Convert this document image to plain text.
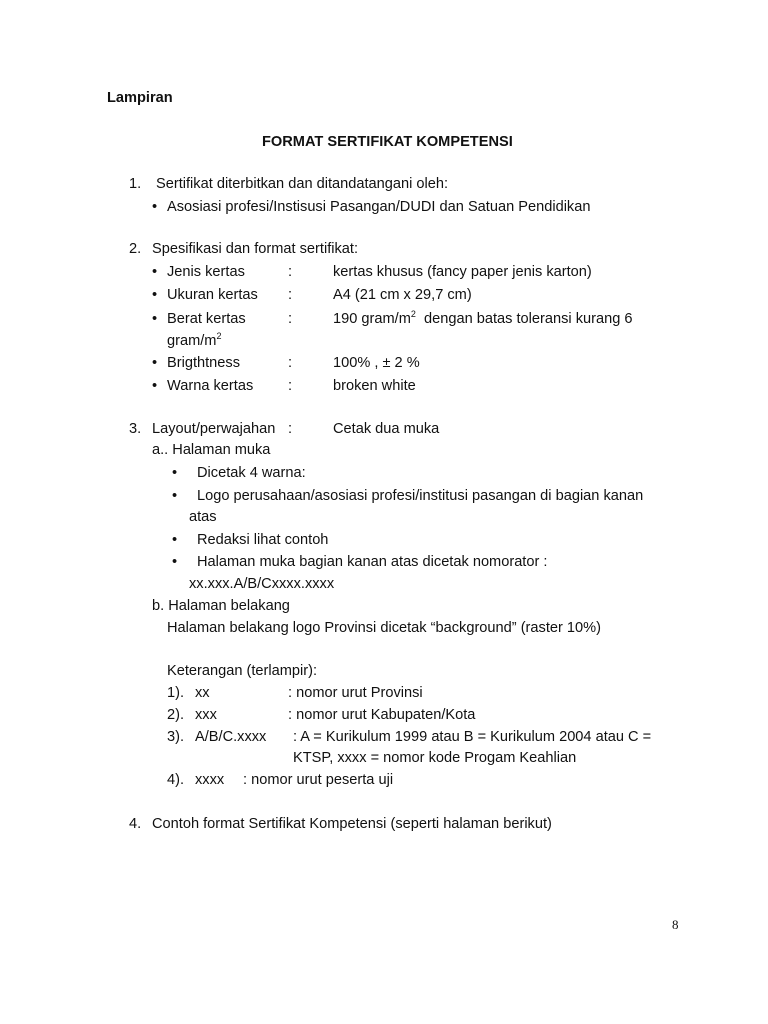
Lampiran
FORMAT SERTIFIKAT KOMPETENSI
1. Sertifikat diterbitkan dan ditandatangani oleh:
• Asosiasi profesi/Instisusi Pasangan/DUDI dan Satuan Pendidikan
2. Spesifikasi dan format sertifikat:
• Jenis kertas	:	kertas khusus (fancy paper jenis karton)
• Ukuran kertas :	A4 (21 cm x 29,7 cm)
• Berat kertas	:	190 gram/$m^2$  dengan batas toleransi kurang 6
gram/$m^2$
• Brigthtness	:	100% , ± 2 %
• Warna kertas :	broken white
3. Layout/perwajahan :	Cetak dua muka
a.. Halaman muka
• Dicetak 4 warna:
• Logo perusahaan/asosiasi profesi/institusi pasangan di bagian kanan
atas
• Redaksi lihat contoh
• Halaman muka bagian kanan atas dicetak nomorator :
xx.xxx.A/B/Cxxxx.xxxx
b. Halaman belakang
Halaman belakang logo Provinsi dicetak “background” (raster 10%)
Keterangan (terlampir):
1). xx	: nomor urut Provinsi
2). xxx	: nomor urut Kabupaten/Kota
3). A/B/C.xxxx : A = Kurikulum 1999 atau B = Kurikulum 2004 atau C =
KTSP, xxxx = nomor kode Progam Keahlian
4). xxxx : nomor urut peserta uji
4. Contoh format Sertifikat Kompetensi (seperti halaman berikut)
8
